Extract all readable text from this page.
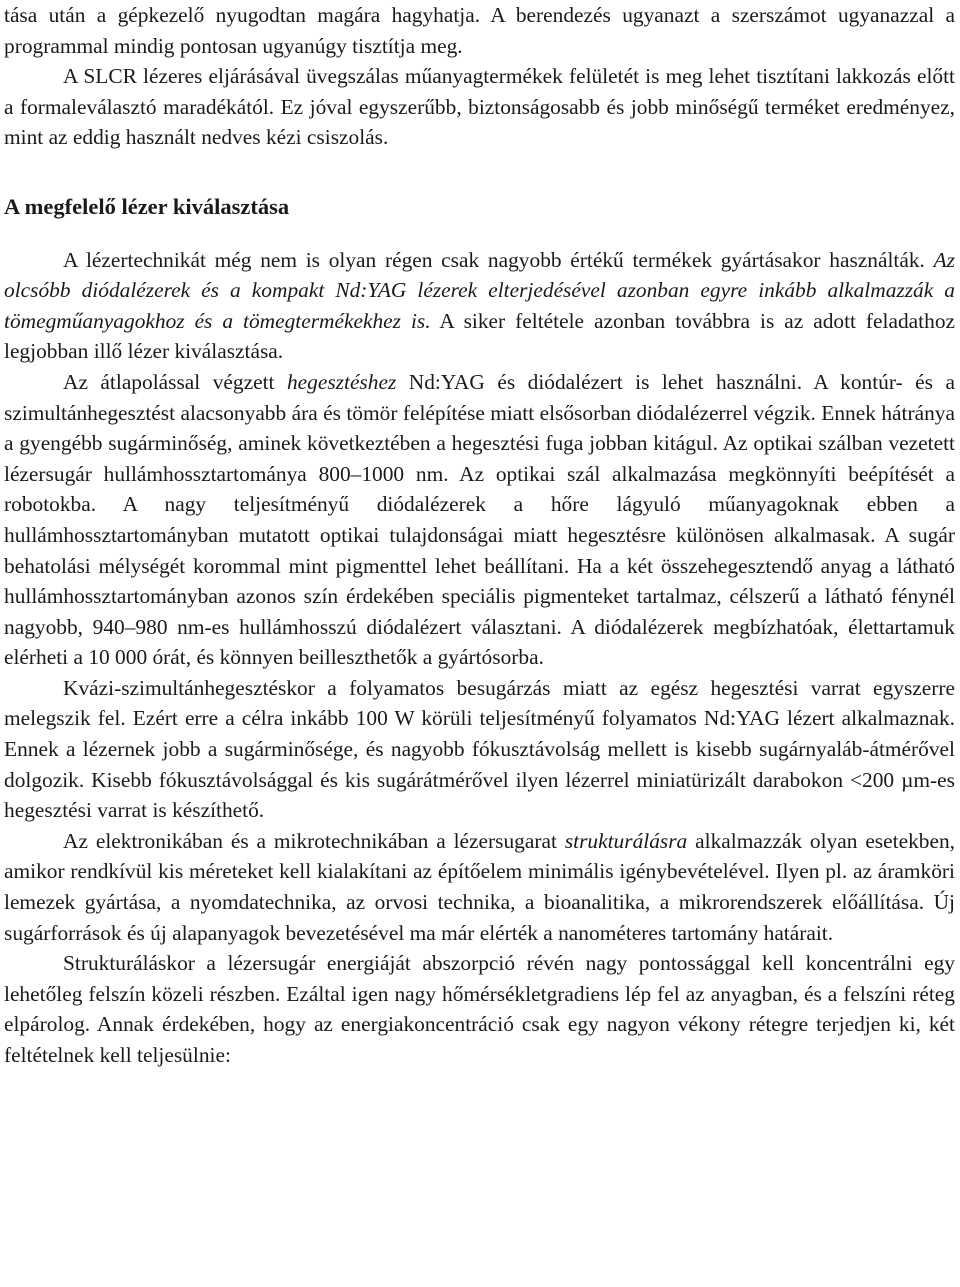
tása után a gépkezelő nyugodtan magára hagyhatja. A berendezés ugyanazt a szerszámot ugyanazzal a programmal mindig pontosan ugyanúgy tisztítja meg.

A SLCR lézeres eljárásával üvegszálas műanyagtermékek felületét is meg lehet tisztítani lakkozás előtt a formaleválasztó maradékától. Ez jóval egyszerűbb, biztonságosabb és jobb minőségű terméket eredményez, mint az eddig használt nedves kézi csiszolás.

A megfelelő lézer kiválasztása

A lézertechnikát még nem is olyan régen csak nagyobb értékű termékek gyártásakor használták. Az olcsóbb diódalézerek és a kompakt Nd:YAG lézerek elterjedésével azonban egyre inkább alkalmazzák a tömegműanyagokhoz és a tömegtermékekhez is. A siker feltétele azonban továbbra is az adott feladathoz legjobban illő lézer kiválasztása.

Az átlapolással végzett hegesztéshez Nd:YAG és diódalézert is lehet használni. A kontúr- és a szimultánhegesztést alacsonyabb ára és tömör felépítése miatt elsősorban diódalézerrel végzik. Ennek hátránya a gyengébb sugárminőség, aminek következtében a hegesztési fuga jobban kitágul. Az optikai szálban vezetett lézersugár hullámhossztartománya 800–1000 nm. Az optikai szál alkalmazása megkönnyíti beépítését a robotokba. A nagy teljesítményű diódalézerek a hőre lágyuló műanyagoknak ebben a hullámhossztartományban mutatott optikai tulajdonságai miatt hegesztésre különösen alkalmasak. A sugár behatolási mélységét korommal mint pigmenttel lehet beállítani. Ha a két összehegesztendő anyag a látható hullámhossztartományban azonos szín érdekében speciális pigmenteket tartalmaz, célszerű a látható fénynél nagyobb, 940–980 nm-es hullámhosszú diódalézert választani. A diódalézerek megbízhatóak, élettartamuk elérheti a 10 000 órát, és könnyen beilleszthetők a gyártósorba.

Kvázi-szimultánhegesztéskor a folyamatos besugárzás miatt az egész hegesztési varrat egyszerre melegszik fel. Ezért erre a célra inkább 100 W körüli teljesítményű folyamatos Nd:YAG lézert alkalmaznak. Ennek a lézernek jobb a sugárminősége, és nagyobb fókusztávolság mellett is kisebb sugárnyaláb-átmérővel dolgozik. Kisebb fókusztávolsággal és kis sugárátmérővel ilyen lézerrel miniatürizált darabokon <200 µm-es hegesztési varrat is készíthető.

Az elektronikában és a mikrotechnikában a lézersugarat strukturálásra alkalmazzák olyan esetekben, amikor rendkívül kis méreteket kell kialakítani az építőelem minimális igénybevételével. Ilyen pl. az áramköri lemezek gyártása, a nyomdatechnika, az orvosi technika, a bioanalitika, a mikrorendszerek előállítása. Új sugárforrások és új alapanyagok bevezetésével ma már elérték a nanométeres tartomány határait.

Strukturáláskor a lézersugár energiáját abszorpció révén nagy pontossággal kell koncentrálni egy lehetőleg felszín közeli részben. Ezáltal igen nagy hőmérsékletgradiens lép fel az anyagban, és a felszíni réteg elpárolog. Annak érdekében, hogy az energiakoncentráció csak egy nagyon vékony rétegre terjedjen ki, két feltételnek kell teljesülnie:
